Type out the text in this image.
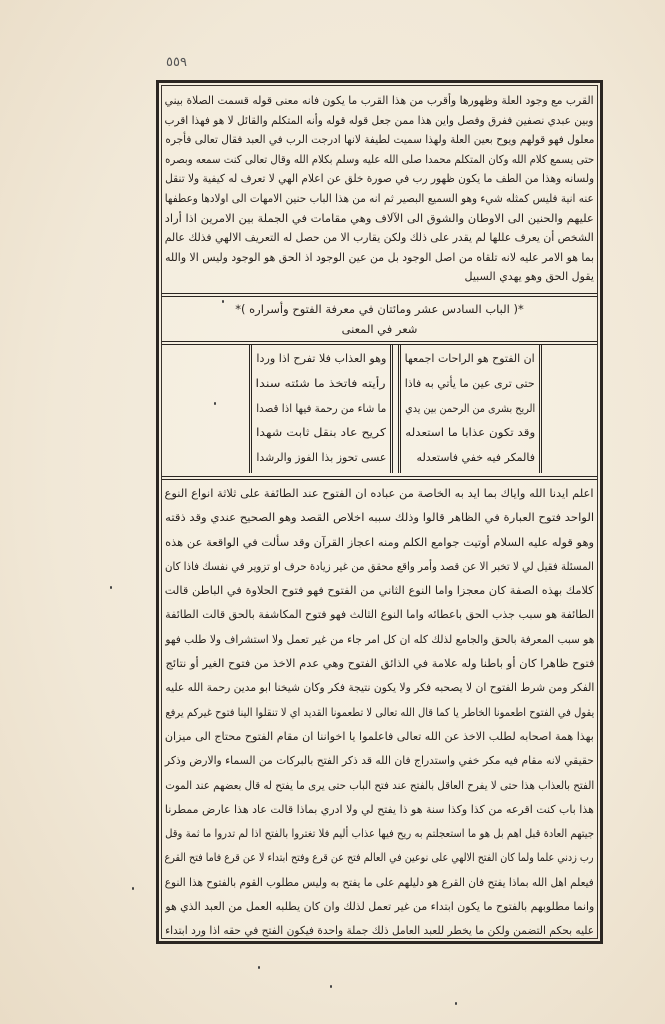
٥٥٩
القرب مع وجود العلة وظهورها وأقرب من هذا القرب ما يكون فانه معنى قوله قسمت الصلاة بيني
وبين عبدي نصفين ففرق وفصل واين هذا ممن جعل قوله قوله وأنه المتكلم والقائل لا هو فهذا اقرب
معلول فهو قولهم ويوح بعين العلة ولهذا سميت لطيفة لانها ادرجت الرب في العبد فقال تعالى فأجره
حتى يسمع كلام الله وكان المتكلم محمدا صلى الله عليه وسلم بكلام الله وقال تعالى كنت سمعه وبصره
ولسانه وهذا من الطف ما يكون ظهور رب في صورة خلق عن اعلام الهي لا تعرف له كيفية ولا تنقل
عنه انية فليس كمثله شيء وهو السميع البصير ثم انه من هذا الباب حنين الامهات الى اولادها وعطفها
عليهم والحنين الى الاوطان والشوق الى الآلاف وهي مقامات في الجملة بين الامرين اذا أراد
الشخص أن يعرف عللها لم يقدر على ذلك ولكن يقارب الا من حصل له التعريف الالهي فذلك عالم
بما هو الامر عليه لانه تلقاه من اصل الوجود بل من عين الوجود اذ الحق هو الوجود وليس الا والله
يقول الحق وهو يهدي السبيل
*( الباب السادس عشر ومائتان في معرفة الفتوح وأسراره )*
شعر في المعنى
ان الفتوح هو الراحات اجمعها
حتى ترى عين ما يأتي به فاذا
الريح بشرى من الرحمن بين يدي
وقد تكون عذابا ما استعدله
فالمكر فيه خفي فاستعدله
وهو العذاب فلا تفرح اذا وردا
رأيته فاتخذ ما شئته سندا
ما شاء من رحمة فيها اذا قصدا
كريح عاد بنقل ثابت شهدا
عسى تحوز بذا الفوز والرشدا
اعلم ايدنا الله واياك بما ايد به الخاصة من عباده ان الفتوح عند الطائفة على ثلاثة انواع النوع
الواحد فتوح العبارة في الظاهر قالوا وذلك سببه اخلاص القصد وهو الصحيح عندي وقد ذقته
وهو قوله عليه السلام أوتيت جوامع الكلم ومنه اعجاز القرآن وقد سألت في الواقعة عن هذه
المسئلة فقيل لي لا تخبر الا عن قصد وأمر واقع محقق من غير زيادة حرف او تزوير في نفسك فاذا كان
كلامك بهذه الصفة كان معجزا واما النوع الثاني من الفتوح فهو فتوح الحلاوة في الباطن قالت
الطائفة هو سبب جذب الحق باعطائه واما النوع الثالث فهو فتوح المكاشفة بالحق قالت الطائفة
هو سبب المعرفة بالحق والجامع لذلك كله ان كل امر جاء من غير تعمل ولا استشراف ولا طلب فهو
فتوح ظاهرا كان أو باطنا وله علامة في الذائق الفتوح وهي عدم الاخذ من فتوح الغير أو نتائج
الفكر ومن شرط الفتوح ان لا يصحبه فكر ولا يكون نتيجة فكر وكان شيخنا ابو مدين رحمة الله عليه
يقول في الفتوح اطعمونا الخاطر يا كما قال الله تعالى لا تطعمونا القديد اي لا تنقلوا الينا فتوح غيركم يرفع
بهذا همة اصحابه لطلب الاخذ عن الله تعالى فاعلموا يا اخواننا ان مقام الفتوح محتاج الى ميزان
حقيقي لانه مقام فيه مكر خفي واستدراج فان الله قد ذكر الفتح بالبركات من السماء والارض وذكر
الفتح بالعذاب هذا حتى لا يفرح العاقل بالفتح عند فتح الباب حتى يرى ما يفتح له قال بعضهم عند الموت
هذا باب كنت اقرعه من كذا وكذا سنة هو ذا يفتح لي ولا ادري بماذا قالت عاد هذا عارض ممطرنا
جيتهم العادة قبل اهم بل هو ما استعجلتم به ريح فيها عذاب أليم فلا تغتروا بالفتح اذا لم تدروا ما ثمة وقل
رب زدني علما ولما كان الفتح الالهي على نوعين في العالم فتح عن قرع وفتح ابتداء لا عن قرع فاما فتح القرع
فيعلم اهل الله بماذا يفتح فان القرع هو دليلهم على ما يفتح به وليس مطلوب القوم بالفتوح هذا النوع
وانما مطلوبهم بالفتوح ما يكون ابتداء من غير تعمل لذلك وان كان يطلبه العمل من العبد الذي هو
عليه بحكم التضمن ولكن ما يخطر للعبد العامل ذلك جملة واحدة فيكون الفتح في حقه اذا ورد ابتداء
